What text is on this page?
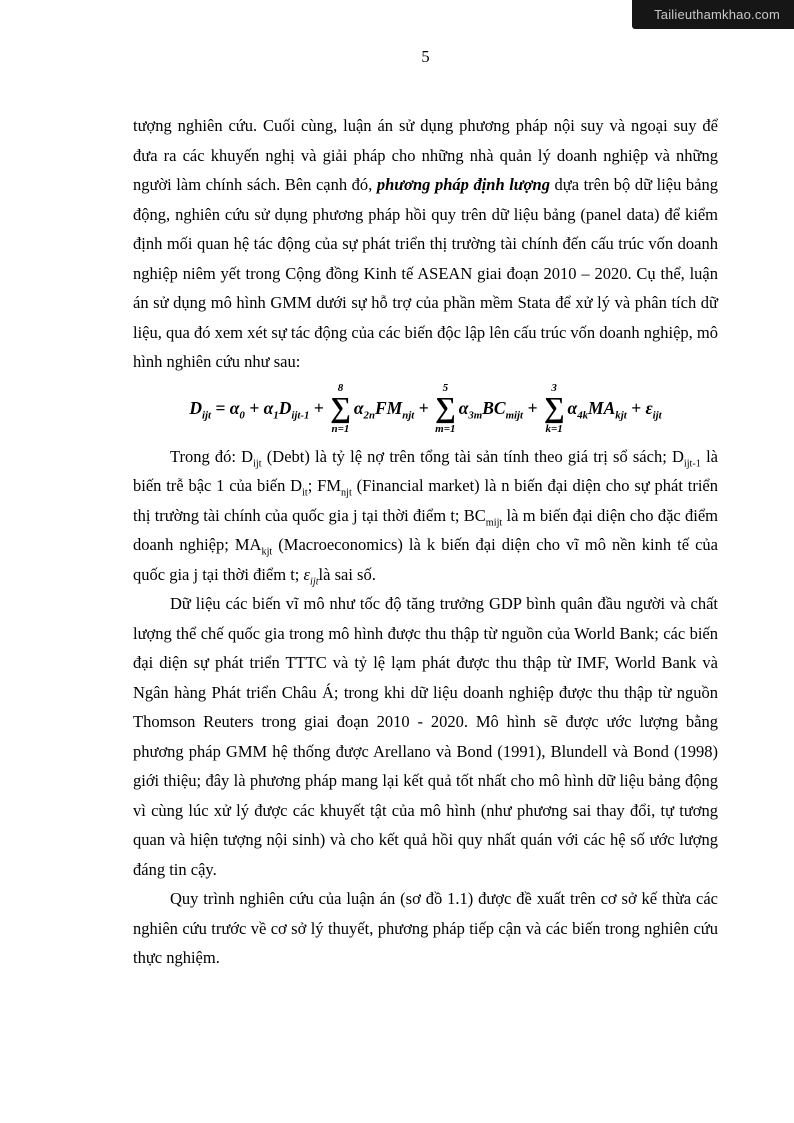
Tailieuthamkhao.com
5

tượng nghiên cứu. Cuối cùng, luận án sử dụng phương pháp nội suy và ngoại suy để đưa ra các khuyến nghị và giải pháp cho những nhà quản lý doanh nghiệp và những người làm chính sách. Bên cạnh đó, phương pháp định lượng dựa trên bộ dữ liệu bảng động, nghiên cứu sử dụng phương pháp hồi quy trên dữ liệu bảng (panel data) để kiểm định mối quan hệ tác động của sự phát triển thị trường tài chính đến cấu trúc vốn doanh nghiệp niêm yết trong Cộng đồng Kinh tế ASEAN giai đoạn 2010 – 2020. Cụ thể, luận án sử dụng mô hình GMM dưới sự hỗ trợ của phần mềm Stata để xử lý và phân tích dữ liệu, qua đó xem xét sự tác động của các biến độc lập lên cấu trúc vốn doanh nghiệp, mô hình nghiên cứu như sau:

$D_{ijt} = \alpha_0 + \alpha_1D_{ijt-1}$ +
8
∑
n=1
$\alpha_{2n}FM_{njt}$ +
5
∑
m=1
$\alpha_{3m}BC_{mijt}$ +
3
∑
k=1
$\alpha_{4k}MA_{kjt} + \varepsilon_{ijt}$

Trong đó: $D_{ijt}$ (Debt) là tỷ lệ nợ trên tổng tài sản tính theo giá trị sổ sách; $D_{ijt-1}$ là biến trễ bậc 1 của biến $D_{it}$; $FM_{njt}$ (Financial market) là n biến đại diện cho sự phát triển thị trường tài chính của quốc gia j tại thời điểm t; $BC_{mijt}$ là m biến đại diện cho đặc điểm doanh nghiệp; $MA_{kjt}$ (Macroeconomics) là k biến đại diện cho vĩ mô nền kinh tế của quốc gia j tại thời điểm t; $\varepsilon_{ijt}là$ sai số.

Dữ liệu các biến vĩ mô như tốc độ tăng trưởng GDP bình quân đầu người và chất lượng thể chế quốc gia trong mô hình được thu thập từ nguồn của World Bank; các biến đại diện sự phát triển TTTC và tỷ lệ lạm phát được thu thập từ IMF, World Bank và Ngân hàng Phát triển Châu Á; trong khi dữ liệu doanh nghiệp được thu thập từ nguồn Thomson Reuters trong giai đoạn 2010 - 2020. Mô hình sẽ được ước lượng bằng phương pháp GMM hệ thống được Arellano và Bond (1991), Blundell và Bond (1998) giới thiệu; đây là phương pháp mang lại kết quả tốt nhất cho mô hình dữ liệu bảng động vì cùng lúc xử lý được các khuyết tật của mô hình (như phương sai thay đổi, tự tương quan và hiện tượng nội sinh) và cho kết quả hồi quy nhất quán với các hệ số ước lượng đáng tin cậy.

Quy trình nghiên cứu của luận án (sơ đồ 1.1) được đề xuất trên cơ sở kế thừa các nghiên cứu trước về cơ sở lý thuyết, phương pháp tiếp cận và các biến trong nghiên cứu thực nghiệm.
